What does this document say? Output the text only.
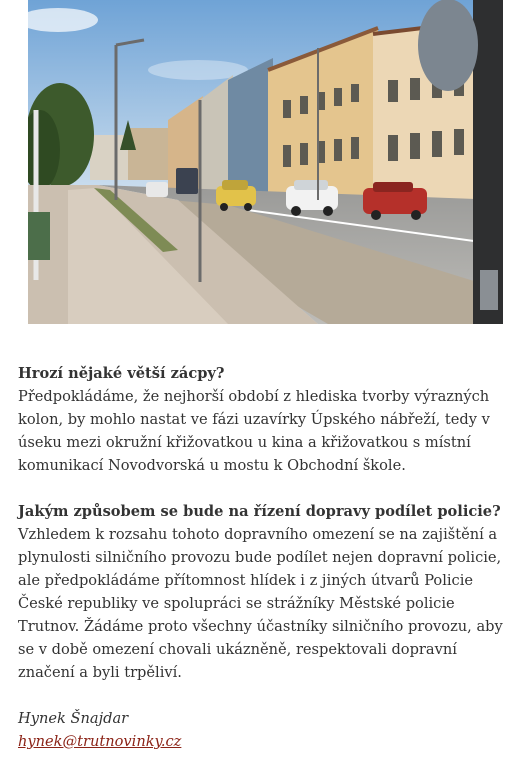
Hrozí nějaké větší zácpy?
Předpokládáme, že nejhorší období z hlediska tvorby výrazných kolon, by mohlo nastat ve fázi uzavírky Úpského nábřeží, tedy v úseku mezi okružní křižovatkou u kina a křižovatkou s místní komunikací Novodvorská u mostu k Obchodní škole.

Jakým způsobem se bude na řízení dopravy podílet policie?
Vzhledem k rozsahu tohoto dopravního omezení se na zajištění a plynulosti silničního provozu bude podílet nejen dopravní policie, ale předpokládáme přítomnost hlídek i z jiných útvarů Policie České republiky ve spolupráci se strážníky Městské policie Trutnov. Žádáme proto všechny účastníky silničního provozu, aby se v době omezení chovali ukázněně, respektovali dopravní značení a byli trpěliví.

Hynek Šnajdar
hynek@trutnovinky.cz
